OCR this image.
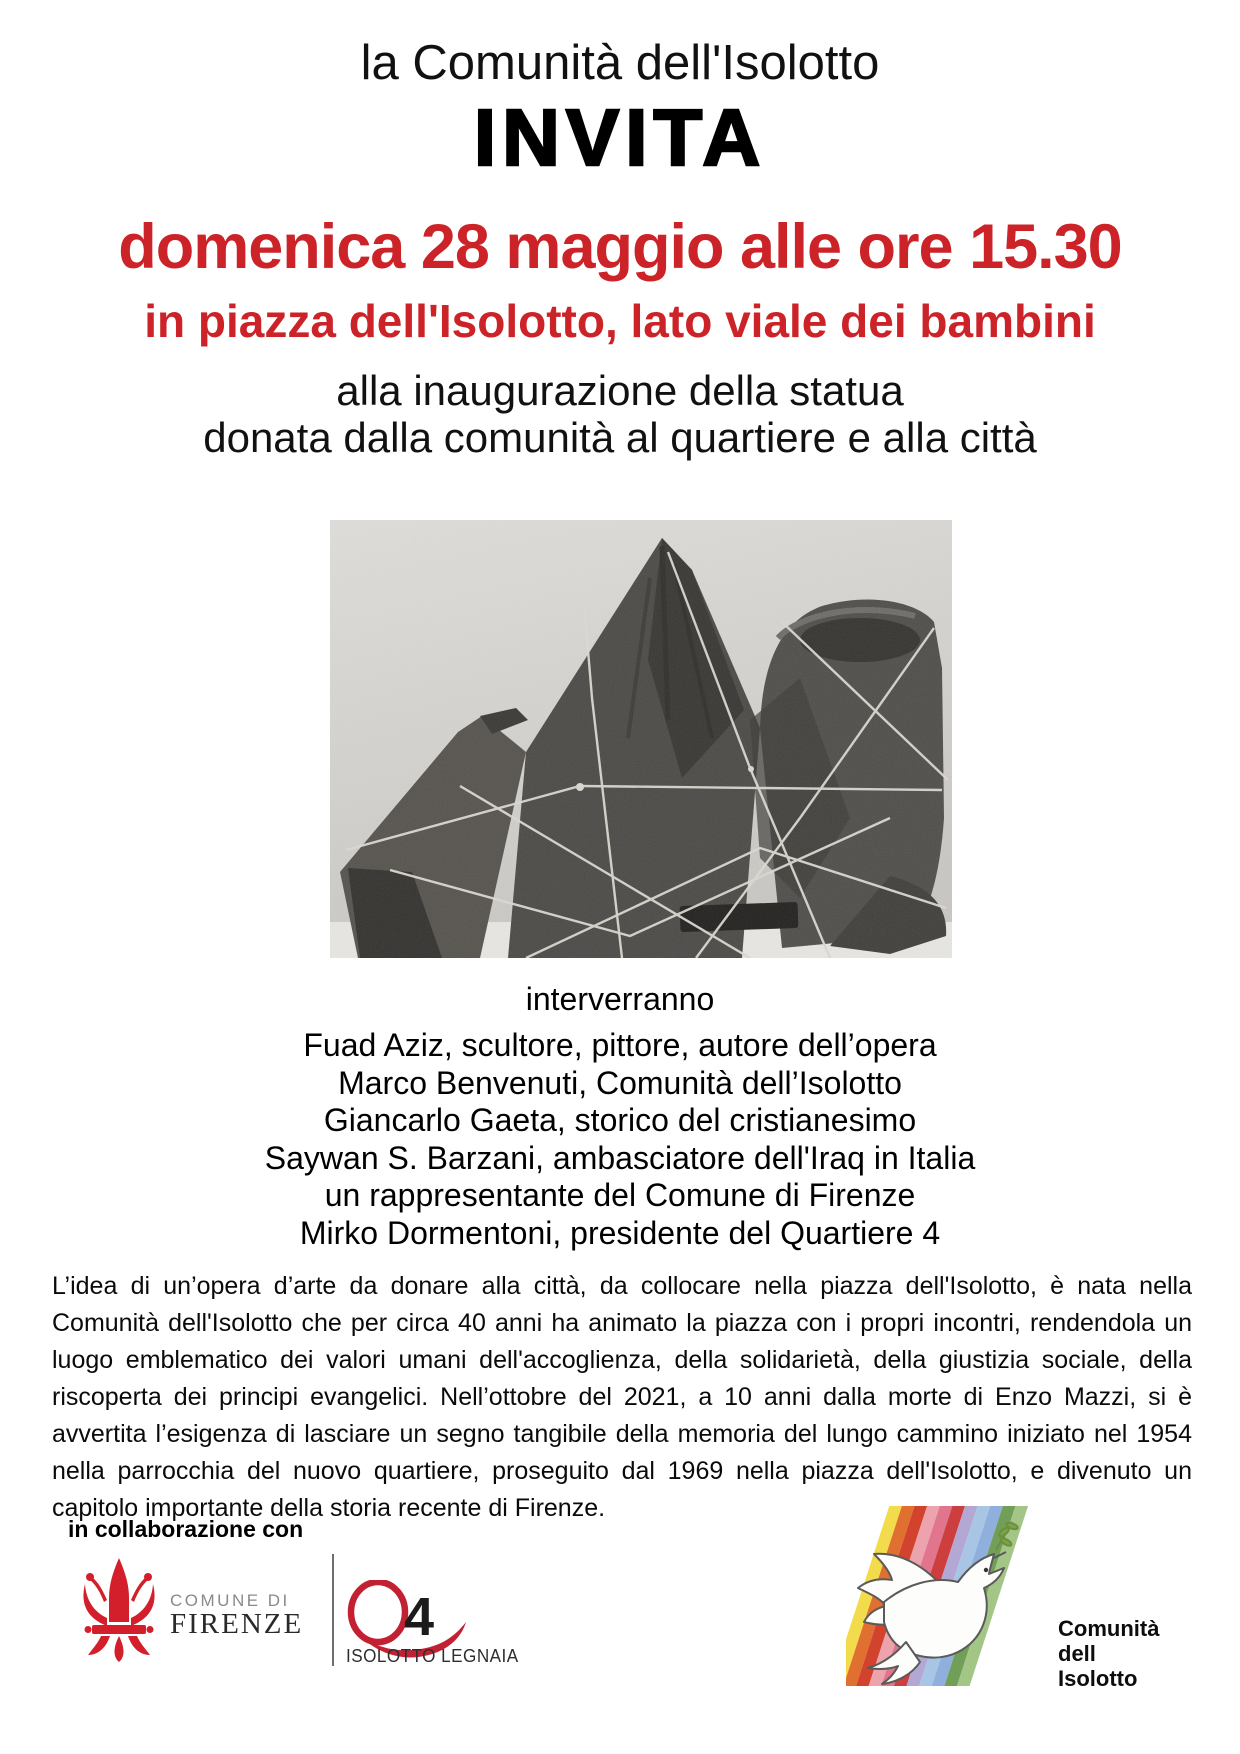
la Comunità dell'Isolotto
INVITA
domenica 28 maggio alle ore 15.30
in piazza dell'Isolotto, lato viale dei bambini
alla inaugurazione della statua
donata dalla comunità al quartiere e alla città
interverranno
Fuad Aziz, scultore, pittore, autore dell’opera
Marco Benvenuti, Comunità dell’Isolotto
Giancarlo Gaeta, storico del cristianesimo
Saywan S. Barzani, ambasciatore dell'Iraq in Italia
un rappresentante del Comune di Firenze
Mirko Dormentoni, presidente del Quartiere 4
L’idea di un’opera d’arte da donare alla città, da collocare nella piazza dell'Isolotto, è nata nella
Comunità dell'Isolotto che per circa 40 anni ha animato la piazza con i propri incontri, rendendola un
luogo emblematico dei valori umani dell'accoglienza, della solidarietà, della giustizia sociale, della
riscoperta dei principi evangelici. Nell’ottobre del 2021, a 10 anni dalla morte di Enzo Mazzi, si è
avvertita l’esigenza di lasciare un segno tangibile della memoria del lungo cammino iniziato nel 1954
nella parrocchia del nuovo quartiere, proseguito dal 1969 nella piazza dell'Isolotto, e divenuto un
capitolo importante della storia recente di Firenze.
in collaborazione con
COMUNE DI
FIRENZE 4
ISOLOTTO LEGNAIA
Comunità
dell
Isolotto
